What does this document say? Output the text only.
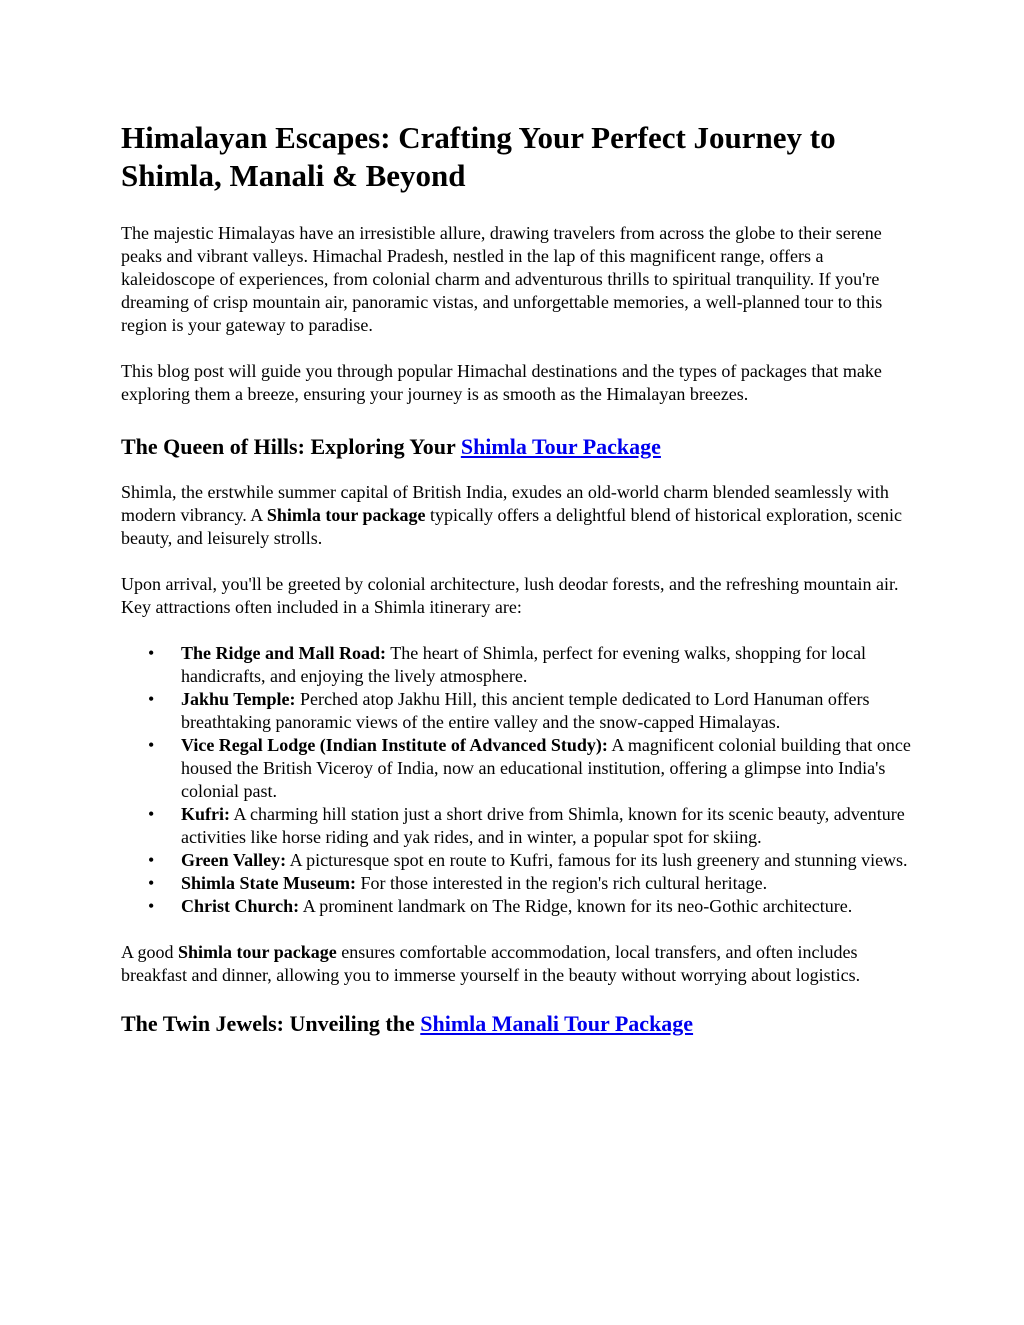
Himalayan Escapes: Crafting Your Perfect Journey to Shimla, Manali & Beyond

The majestic Himalayas have an irresistible allure, drawing travelers from across the globe to their serene peaks and vibrant valleys. Himachal Pradesh, nestled in the lap of this magnificent range, offers a kaleidoscope of experiences, from colonial charm and adventurous thrills to spiritual tranquility. If you're dreaming of crisp mountain air, panoramic vistas, and unforgettable memories, a well-planned tour to this region is your gateway to paradise.

This blog post will guide you through popular Himachal destinations and the types of packages that make exploring them a breeze, ensuring your journey is as smooth as the Himalayan breezes.

The Queen of Hills: Exploring Your Shimla Tour Package

Shimla, the erstwhile summer capital of British India, exudes an old-world charm blended seamlessly with modern vibrancy. A Shimla tour package typically offers a delightful blend of historical exploration, scenic beauty, and leisurely strolls.

Upon arrival, you'll be greeted by colonial architecture, lush deodar forests, and the refreshing mountain air. Key attractions often included in a Shimla itinerary are:

• The Ridge and Mall Road: The heart of Shimla, perfect for evening walks, shopping for local handicrafts, and enjoying the lively atmosphere.
• Jakhu Temple: Perched atop Jakhu Hill, this ancient temple dedicated to Lord Hanuman offers breathtaking panoramic views of the entire valley and the snow-capped Himalayas.
• Vice Regal Lodge (Indian Institute of Advanced Study): A magnificent colonial building that once housed the British Viceroy of India, now an educational institution, offering a glimpse into India's colonial past.
• Kufri: A charming hill station just a short drive from Shimla, known for its scenic beauty, adventure activities like horse riding and yak rides, and in winter, a popular spot for skiing.
• Green Valley: A picturesque spot en route to Kufri, famous for its lush greenery and stunning views.
• Shimla State Museum: For those interested in the region's rich cultural heritage.
• Christ Church: A prominent landmark on The Ridge, known for its neo-Gothic architecture.

A good Shimla tour package ensures comfortable accommodation, local transfers, and often includes breakfast and dinner, allowing you to immerse yourself in the beauty without worrying about logistics.

The Twin Jewels: Unveiling the Shimla Manali Tour Package
